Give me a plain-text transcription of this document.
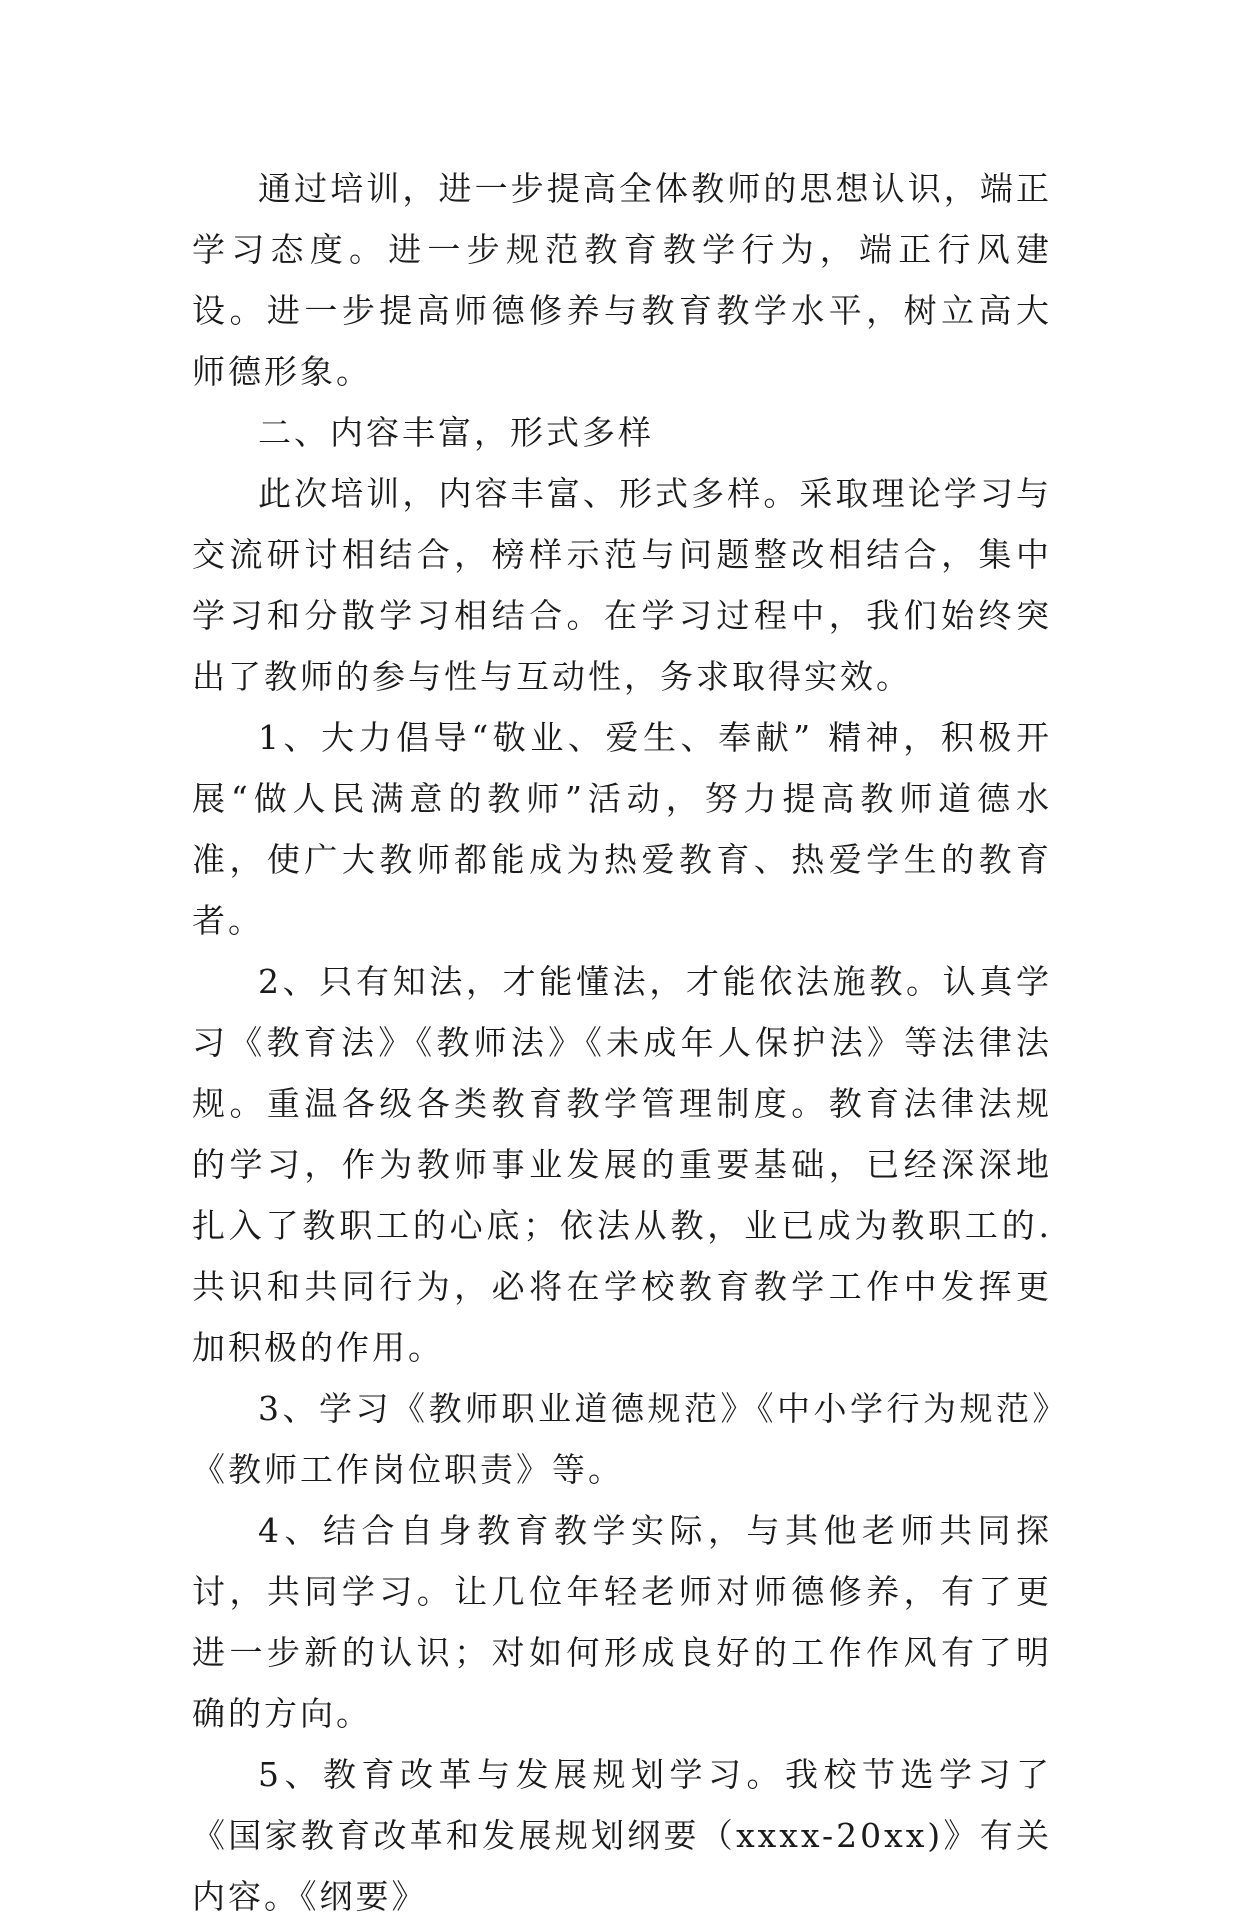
通过培训，进一步提高全体教师的思想认识，端正学习态度。进一步规范教育教学行为，端正行风建设。进一步提高师德修养与教育教学水平，树立高大师德形象。

二、内容丰富，形式多样

此次培训，内容丰富、形式多样。采取理论学习与交流研讨相结合，榜样示范与问题整改相结合，集中学习和分散学习相结合。在学习过程中，我们始终突出了教师的参与性与互动性，务求取得实效。

1、大力倡导“敬业、爱生、奉献” 精神，积极开展“做人民满意的教师”活动，努力提高教师道德水准，使广大教师都能成为热爱教育、热爱学生的教育者。

2、只有知法，才能懂法，才能依法施教。认真学习《教育法》《教师法》《未成年人保护法》等法律法规。重温各级各类教育教学管理制度。教育法律法规的学习，作为教师事业发展的重要基础，已经深深地扎入了教职工的心底；依法从教，业已成为教职工的.共识和共同行为，必将在学校教育教学工作中发挥更加积极的作用。

3、学习《教师职业道德规范》《中小学行为规范》《教师工作岗位职责》等。

4、结合自身教育教学实际，与其他老师共同探讨，共同学习。让几位年轻老师对师德修养，有了更进一步新的认识；对如何形成良好的工作作风有了明确的方向。

5、教育改革与发展规划学习。我校节选学习了《国家教育改革和发展规划纲要（xxxx-20xx)》有关内容。《纲要》
